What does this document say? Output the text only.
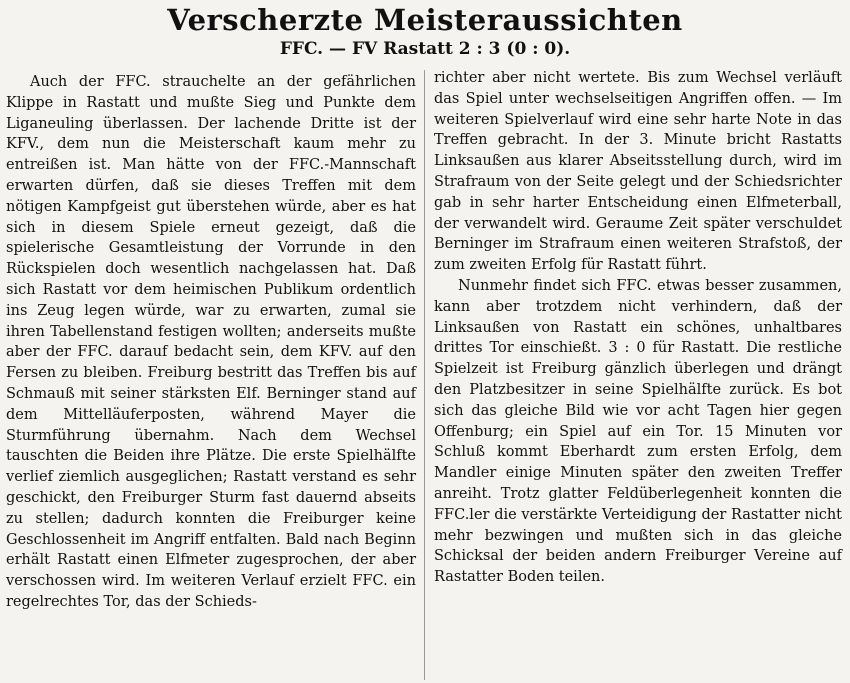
Verscherzte Meisteraussichten
FFC. — FV Rastatt 2 : 3 (0 : 0).

Auch der FFC. strauchelte an der gefährlichen Klippe in Rastatt und mußte Sieg und Punkte dem Liganeuling überlassen. Der lachende Dritte ist der KFV., dem nun die Meisterschaft kaum mehr zu entreißen ist. Man hätte von der FFC.-Mannschaft erwarten dürfen, daß sie dieses Treffen mit dem nötigen Kampfgeist gut überstehen würde, aber es hat sich in diesem Spiele erneut gezeigt, daß die spielerische Gesamtleistung der Vorrunde in den Rückspielen doch wesentlich nachgelassen hat. Daß sich Rastatt vor dem heimischen Publikum ordentlich ins Zeug legen würde, war zu erwarten, zumal sie ihren Tabellenstand festigen wollten; anderseits mußte aber der FFC. darauf bedacht sein, dem KFV. auf den Fersen zu bleiben. Freiburg bestritt das Treffen bis auf Schmauß mit seiner stärksten Elf. Berninger stand auf dem Mittelläuferposten, während Mayer die Sturmführung übernahm. Nach dem Wechsel tauschten die Beiden ihre Plätze. Die erste Spielhälfte verlief ziemlich ausgeglichen; Rastatt verstand es sehr geschickt, den Freiburger Sturm fast dauernd abseits zu stellen; dadurch konnten die Freiburger keine Geschlossenheit im Angriff entfalten. Bald nach Beginn erhält Rastatt einen Elfmeter zugesprochen, der aber verschossen wird. Im weiteren Verlauf erzielt FFC. ein regelrechtes Tor, das der Schieds-

richter aber nicht wertete. Bis zum Wechsel verläuft das Spiel unter wechselseitigen Angriffen offen. — Im weiteren Spielverlauf wird eine sehr harte Note in das Treffen gebracht. In der 3. Minute bricht Rastatts Linksaußen aus klarer Abseitsstellung durch, wird im Strafraum von der Seite gelegt und der Schiedsrichter gab in sehr harter Entscheidung einen Elfmeterball, der verwandelt wird. Geraume Zeit später verschuldet Berninger im Strafraum einen weiteren Strafstoß, der zum zweiten Erfolg für Rastatt führt.

Nunmehr findet sich FFC. etwas besser zusammen, kann aber trotzdem nicht verhindern, daß der Linksaußen von Rastatt ein schönes, unhaltbares drittes Tor einschießt. 3 : 0 für Rastatt. Die restliche Spielzeit ist Freiburg gänzlich überlegen und drängt den Platzbesitzer in seine Spielhälfte zurück. Es bot sich das gleiche Bild wie vor acht Tagen hier gegen Offenburg; ein Spiel auf ein Tor. 15 Minuten vor Schluß kommt Eberhardt zum ersten Erfolg, dem Mandler einige Minuten später den zweiten Treffer anreiht. Trotz glatter Feldüberlegenheit konnten die FFC.ler die verstärkte Verteidigung der Rastatter nicht mehr bezwingen und mußten sich in das gleiche Schicksal der beiden andern Freiburger Vereine auf Rastatter Boden teilen.
